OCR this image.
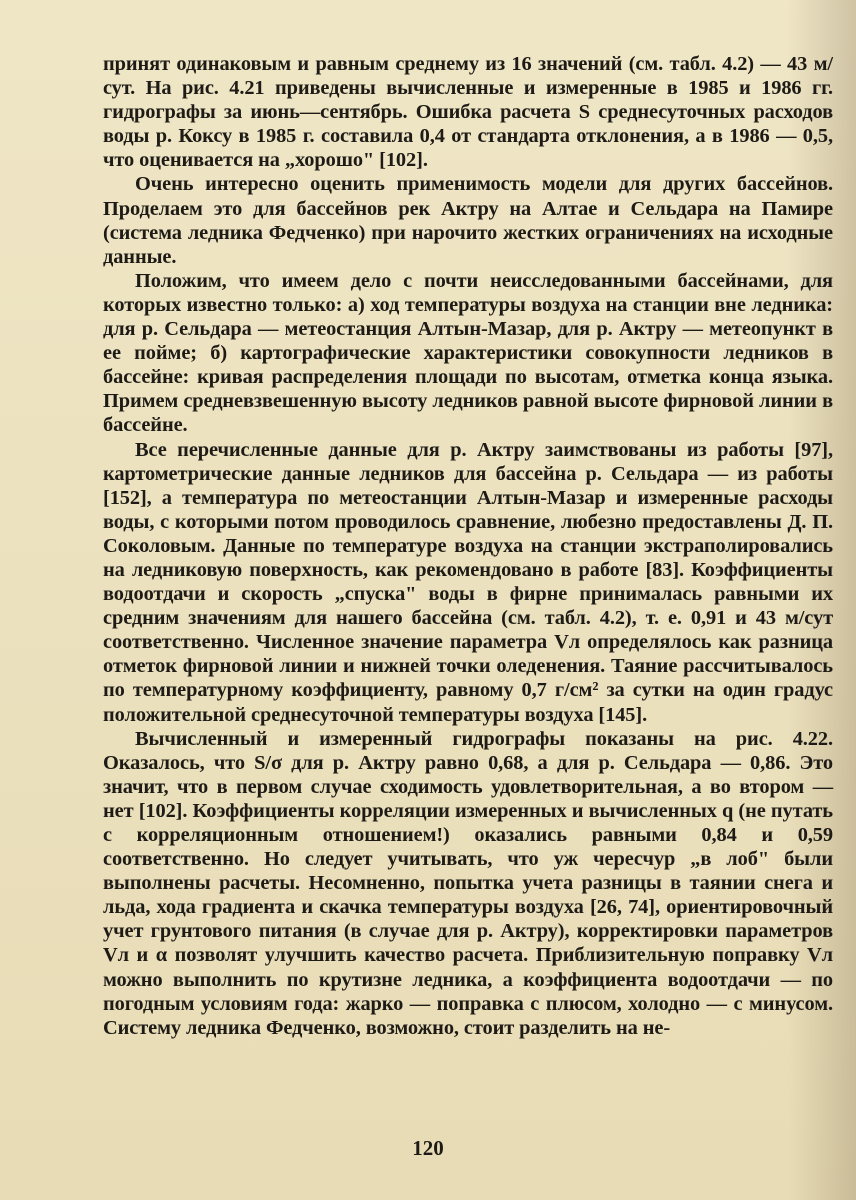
принят одинаковым и равным среднему из 16 значений (см. табл. 4.2) — 43 м/сут. На рис. 4.21 приведены вычисленные и измеренные в 1985 и 1986 гг. гидрографы за июнь—сентябрь. Ошибка расчета S среднесуточных расходов воды р. Коксу в 1985 г. составила 0,4 от стандарта отклонения, а в 1986 — 0,5, что оценивается на „хорошо" [102].

Очень интересно оценить применимость модели для других бассейнов. Проделаем это для бассейнов рек Актру на Алтае и Сельдара на Памире (система ледника Федченко) при нарочито жестких ограничениях на исходные данные.

Положим, что имеем дело с почти неисследованными бассейнами, для которых известно только: а) ход температуры воздуха на станции вне ледника: для р. Сельдара — метеостанция Алтын-Мазар, для р. Актру — метеопункт в ее пойме; б) картографические характеристики совокупности ледников в бассейне: кривая распределения площади по высотам, отметка конца языка. Примем средневзвешенную высоту ледников равной высоте фирновой линии в бассейне.

Все перечисленные данные для р. Актру заимствованы из работы [97], картометрические данные ледников для бассейна р. Сельдара — из работы [152], а температура по метеостанции Алтын-Мазар и измеренные расходы воды, с которыми потом проводилось сравнение, любезно предоставлены Д. П. Соколовым. Данные по температуре воздуха на станции экстраполировались на ледниковую поверхность, как рекомендовано в работе [83]. Коэффициенты водоотдачи и скорость „спуска" воды в фирне принималась равными их средним значениям для нашего бассейна (см. табл. 4.2), т. е. 0,91 и 43 м/сут соответственно. Численное значение параметра Vл определялось как разница отметок фирновой линии и нижней точки оледенения. Таяние рассчитывалось по температурному коэффициенту, равному 0,7 г/см² за сутки на один градус положительной среднесуточной температуры воздуха [145].

Вычисленный и измеренный гидрографы показаны на рис. 4.22. Оказалось, что S/σ для р. Актру равно 0,68, а для р. Сельдара — 0,86. Это значит, что в первом случае сходимость удовлетворительная, а во втором — нет [102]. Коэффициенты корреляции измеренных и вычисленных q (не путать с корреляционным отношением!) оказались равными 0,84 и 0,59 соответственно. Но следует учитывать, что уж чересчур „в лоб" были выполнены расчеты. Несомненно, попытка учета разницы в таянии снега и льда, хода градиента и скачка температуры воздуха [26, 74], ориентировочный учет грунтового питания (в случае для р. Актру), корректировки параметров Vл и α позволят улучшить качество расчета. Приблизительную поправку Vл можно выполнить по крутизне ледника, а коэффициента водоотдачи — по погодным условиям года: жарко — поправка с плюсом, холодно — с минусом. Систему ледника Федченко, возможно, стоит разделить на не-

120
